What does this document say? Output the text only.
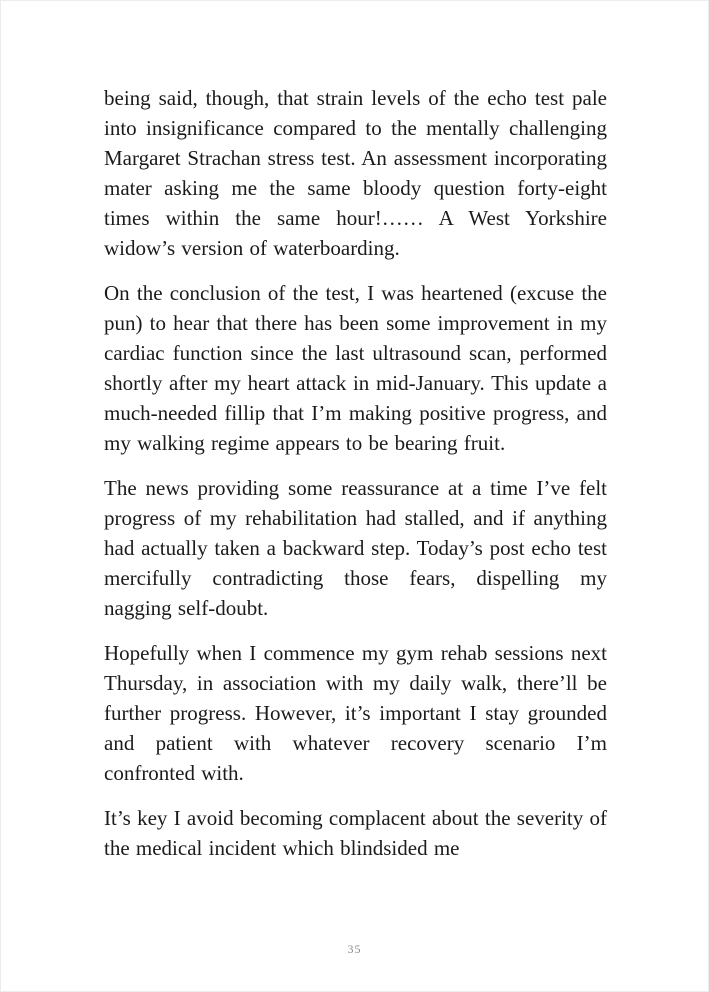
being said, though, that strain levels of the echo test pale into insignificance compared to the mentally challenging Margaret Strachan stress test. An assessment incorporating mater asking me the same bloody question forty-eight times within the same hour!…… A West Yorkshire widow’s version of waterboarding.

On the conclusion of the test, I was heartened (excuse the pun) to hear that there has been some improvement in my cardiac function since the last ultrasound scan, performed shortly after my heart attack in mid-January. This update a much-needed fillip that I’m making positive progress, and my walking regime appears to be bearing fruit.

The news providing some reassurance at a time I’ve felt progress of my rehabilitation had stalled, and if anything had actually taken a backward step. Today’s post echo test mercifully contradicting those fears, dispelling my nagging self-doubt.

Hopefully when I commence my gym rehab sessions next Thursday, in association with my daily walk, there’ll be further progress. However, it’s important I stay grounded and patient with whatever recovery scenario I’m confronted with.

It’s key I avoid becoming complacent about the severity of the medical incident which blindsided me

35
